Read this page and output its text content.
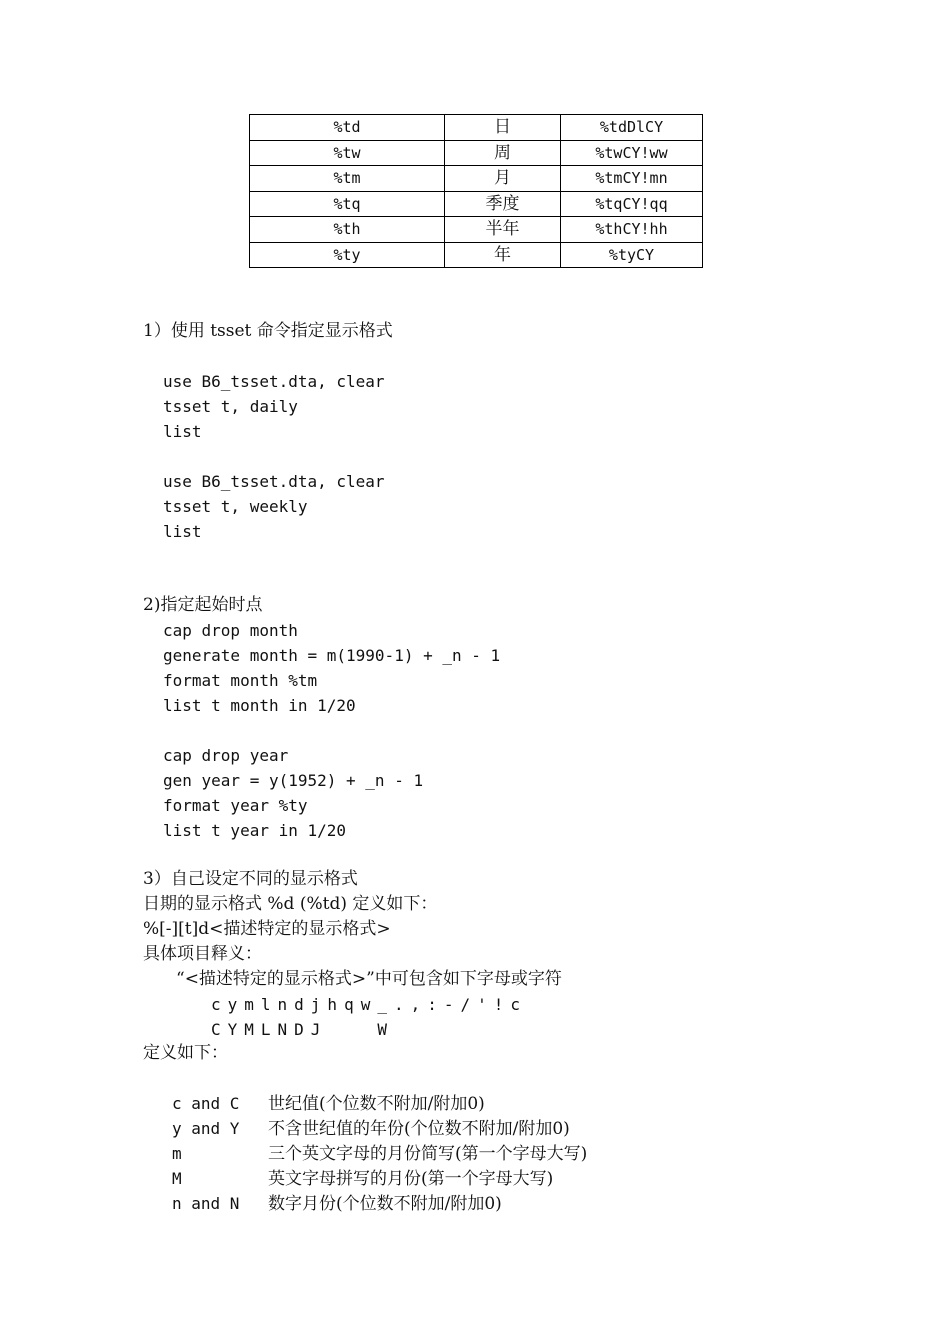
%td	日	%tdDlCY
%tw	周	%twCY!ww
%tm	月	%tmCY!mn
%tq	季度	%tqCY!qq
%th	半年	%thCY!hh
%ty	年	%tyCY
1）使用 tsset 命令指定显示格式
use B6_tsset.dta, clear
tsset t, daily
list
use B6_tsset.dta, clear
tsset t, weekly
list
2)指定起始时点
cap drop month
generate month = m(1990-1) + _n - 1
format month %tm
list t month in 1/20
cap drop year
gen year = y(1952) + _n - 1
format year %ty
list t year in 1/20
3）自己设定不同的显示格式
日期的显示格式 %d (%td) 定义如下：
%[-][t]d<描述特定的显示格式>
具体项目释义：
“<描述特定的显示格式>”中可包含如下字母或字符
cymlndjhqw_.,:-/'!c
CYMLNDJ   W
定义如下：
c and C 世纪值(个位数不附加/附加0)
y and Y 不含世纪值的年份(个位数不附加/附加0)
m	三个英文字母的月份简写(第一个字母大写)
M	英文字母拼写的月份(第一个字母大写)
n and N 数字月份(个位数不附加/附加0)
